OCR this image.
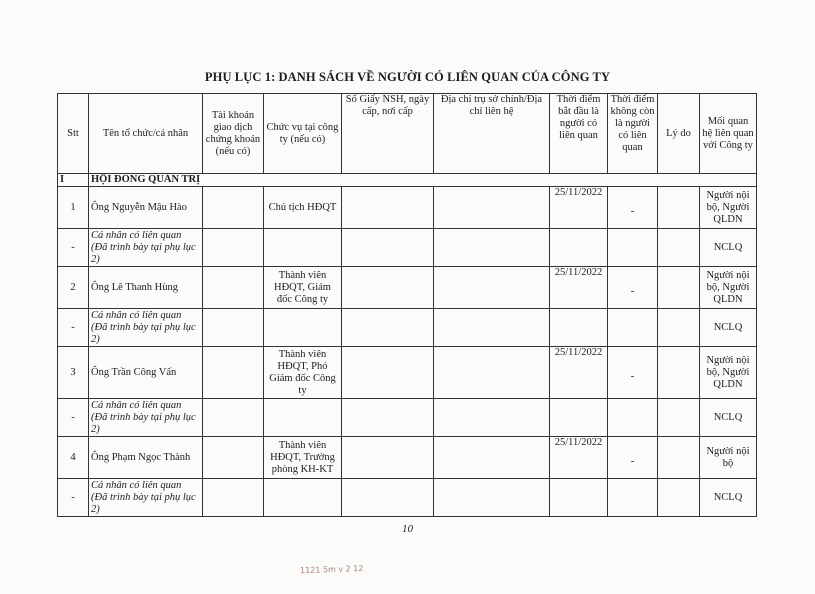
PHỤ LỤC 1: DANH SÁCH VỀ NGƯỜI CÓ LIÊN QUAN CỦA CÔNG TY
Stt	Tên tổ chức/cá nhân	Tài khoản giao dịch chứng khoán (nếu có)	Chức vụ tại công ty (nếu có)	Số Giấy NSH, ngày cấp, nơi cấp	Địa chỉ trụ sở chính/Địa chỉ liên hệ	Thời điểm bắt đầu là người có liên quan	Thời điểm không còn là người có liên quan	Lý do	Mối quan hệ liên quan với Công ty
I	HỘI ĐỒNG QUẢN TRỊ								
1	Ông Nguyễn Mậu Hào		Chủ tịch HĐQT			25/11/2022	-		Người nội bộ, Người QLDN
-	Cá nhân có liên quan (Đã trình bày tại phụ lục 2)								NCLQ
2	Ông Lê Thanh Hùng		Thành viên HĐQT, Giám đốc Công ty			25/11/2022	-		Người nội bộ, Người QLDN
-	Cá nhân có liên quan (Đã trình bày tại phụ lục 2)								NCLQ
3	Ông Trần Công Vấn		Thành viên HĐQT, Phó Giám đốc Công ty			25/11/2022	-		Người nội bộ, Người QLDN
-	Cá nhân có liên quan (Đã trình bày tại phụ lục 2)								NCLQ
4	Ông Phạm Ngọc Thành		Thành viên HĐQT, Trưởng phòng KH-KT			25/11/2022	-		Người nội bộ
-	Cá nhân có liên quan (Đã trình bày tại phụ lục 2)								NCLQ
10
1121 5m v 2 12
